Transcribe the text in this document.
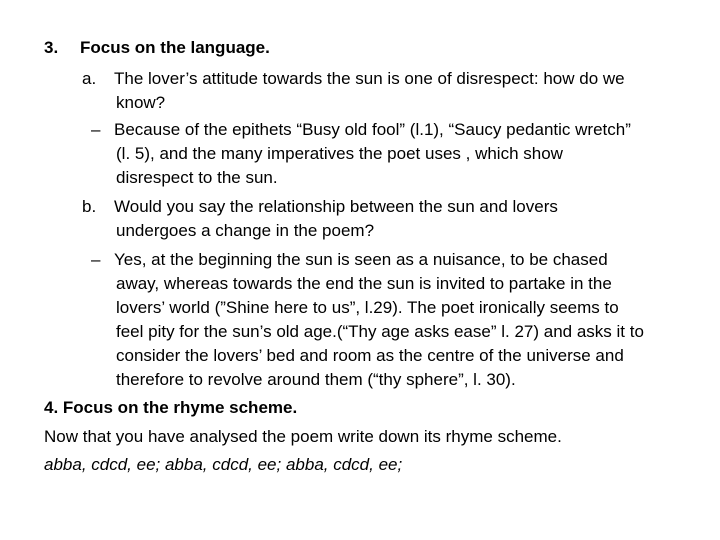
3. Focus on the language.
a. The lover’s attitude towards the sun is one of disrespect: how do we
know?
– Because of the epithets “Busy old fool” (l.1), “Saucy pedantic wretch”
(l. 5), and the many imperatives the poet uses , which show
disrespect to the sun.
b. Would you say the relationship between the sun and lovers
undergoes a change in the poem?
– Yes, at the beginning the sun is seen as a nuisance, to be chased
away, whereas towards the end the sun is invited to partake in the
lovers’ world (”Shine here to us”, l.29). The poet ironically seems to
feel pity for the sun’s old age.(“Thy age asks ease” l. 27) and asks it to
consider the lovers’ bed and room as the centre of the universe and
therefore to revolve around them (“thy sphere”, l. 30).
4. Focus on the rhyme scheme.
Now that you have analysed the poem write down its rhyme scheme.
abba, cdcd, ee; abba, cdcd, ee; abba, cdcd, ee;
